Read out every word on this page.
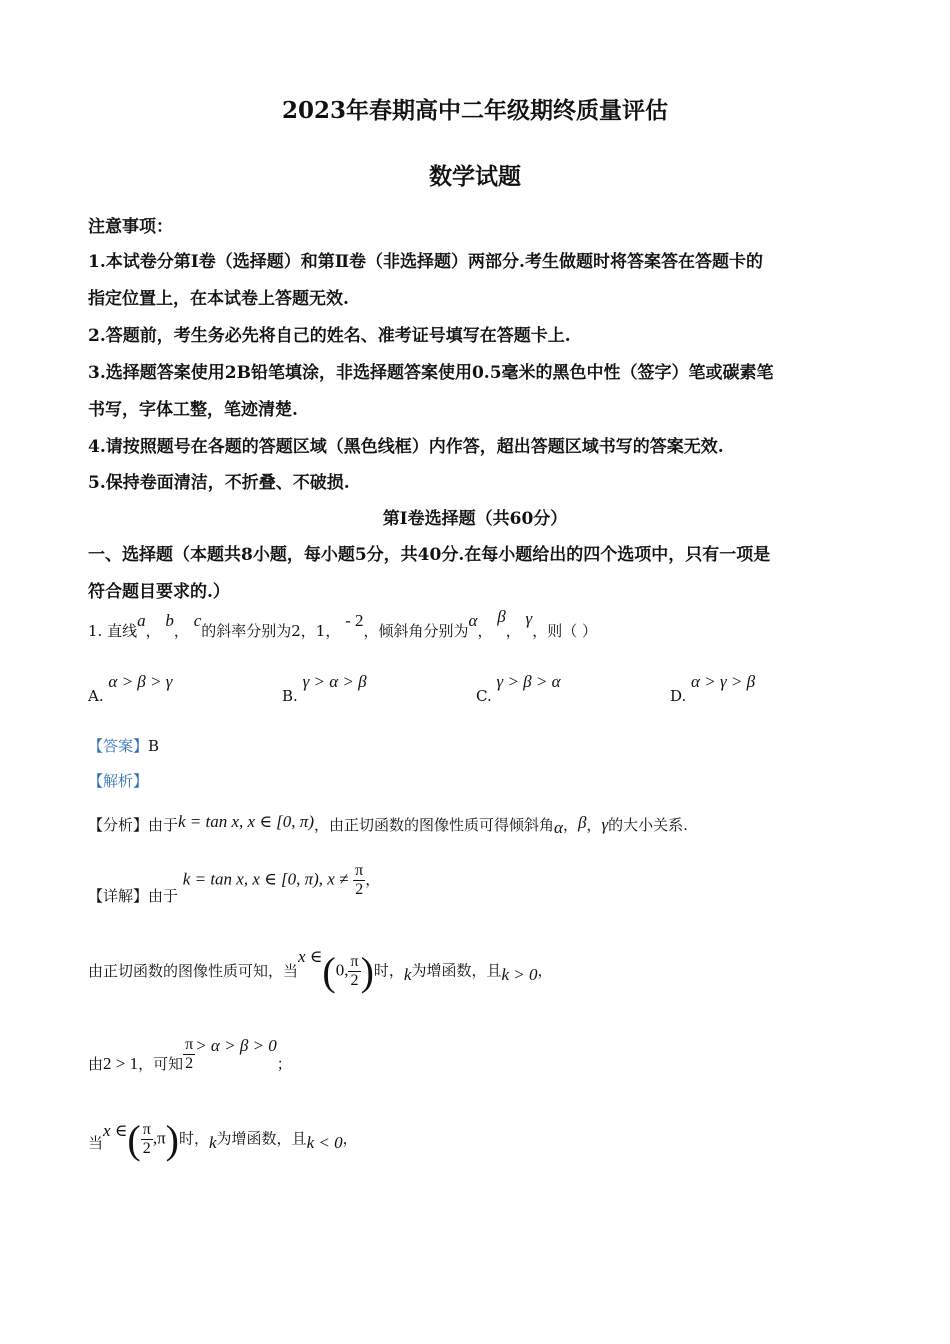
2023年春期高中二年级期终质量评估
数学试题
注意事项：
1.本试卷分第Ⅰ卷（选择题）和第Ⅱ卷（非选择题）两部分.考生做题时将答案答在答题卡的
指定位置上，在本试卷上答题无效.
2.答题前，考生务必先将自己的姓名、准考证号填写在答题卡上.
3.选择题答案使用2B铅笔填涂，非选择题答案使用0.5毫米的黑色中性（签字）笔或碳素笔
书写，字体工整，笔迹清楚.
4.请按照题号在各题的答题区域（黑色线框）内作答，超出答题区域书写的答案无效.
5.保持卷面清洁，不折叠、不破损.
第Ⅰ卷选择题（共60分）
一、选择题（本题共8小题，每小题5分，共40分.在每小题给出的四个选项中，只有一项是
符合题目要求的.）
1. 直线a， b， c的斜率分别为2，1， - 2，倾斜角分别为α， β， γ，则（ ）
A. α > β > γ
B. γ > α > β
C. γ > β > α
D. α > γ > β
【答案】B
【解析】
【分析】由于k = tan x, x ∈ [0, π)，由正切函数的图像性质可得倾斜角α，β，γ的大小关系.
【详解】由于 k = tan x, x ∈ [0, π), $x \ne \frac{\pi}{2}$ ，
由正切函数的图像性质可知，当x ∈(0, $\frac{\pi}{2}$ )时，k为增函数，且k > 0，
由2 > 1，可知 $\frac{\pi}{2} > \alpha > \beta > 0$；
当x ∈( $\frac{\pi}{2} ,\pi$)时，k为增函数，且k < 0，
